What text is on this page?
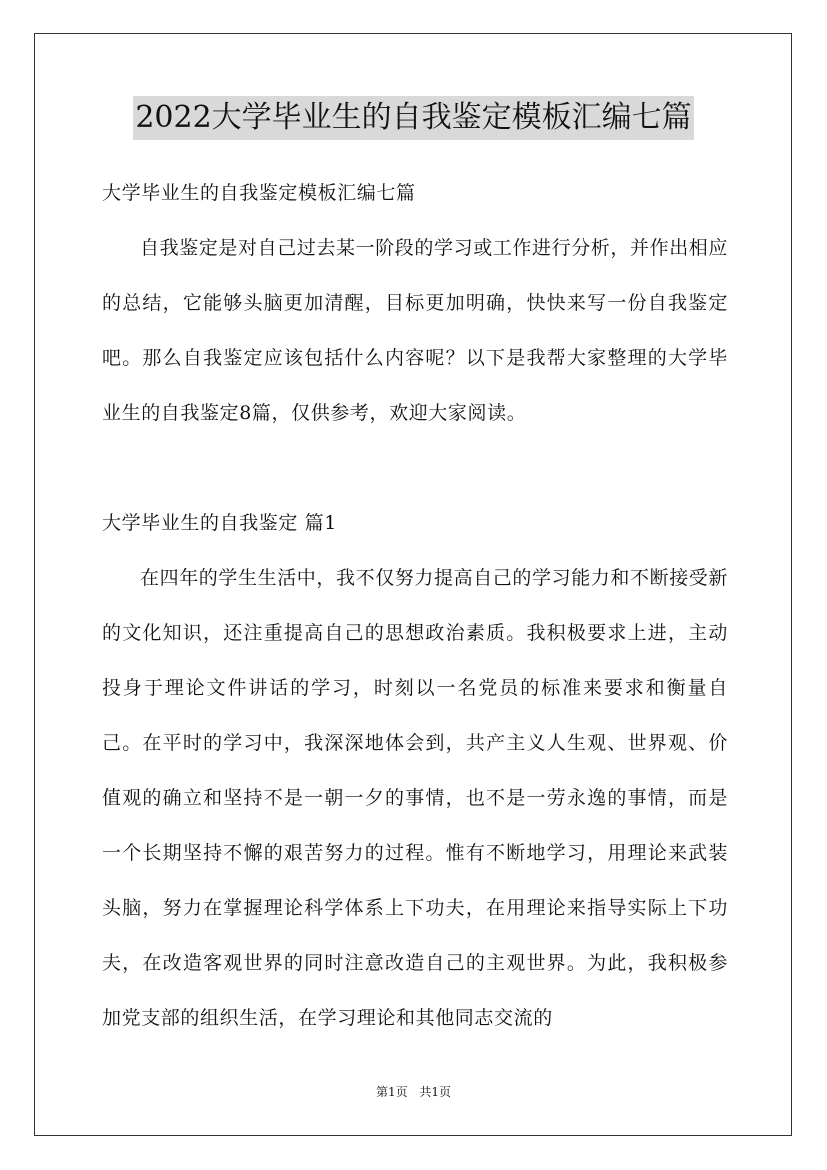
2022大学毕业生的自我鉴定模板汇编七篇

大学毕业生的自我鉴定模板汇编七篇

自我鉴定是对自己过去某一阶段的学习或工作进行分析，并作出相应的总结，它能够头脑更加清醒，目标更加明确，快快来写一份自我鉴定吧。那么自我鉴定应该包括什么内容呢？以下是我帮大家整理的大学毕业生的自我鉴定8篇，仅供参考，欢迎大家阅读。

大学毕业生的自我鉴定 篇1

在四年的学生生活中，我不仅努力提高自己的学习能力和不断接受新的文化知识，还注重提高自己的思想政治素质。我积极要求上进，主动投身于理论文件讲话的学习，时刻以一名党员的标准来要求和衡量自己。在平时的学习中，我深深地体会到，共产主义人生观、世界观、价值观的确立和坚持不是一朝一夕的事情，也不是一劳永逸的事情，而是一个长期坚持不懈的艰苦努力的过程。惟有不断地学习，用理论来武装头脑，努力在掌握理论科学体系上下功夫，在用理论来指导实际上下功夫，在改造客观世界的同时注意改造自己的主观世界。为此，我积极参加党支部的组织生活，在学习理论和其他同志交流的

第1页 共1页
